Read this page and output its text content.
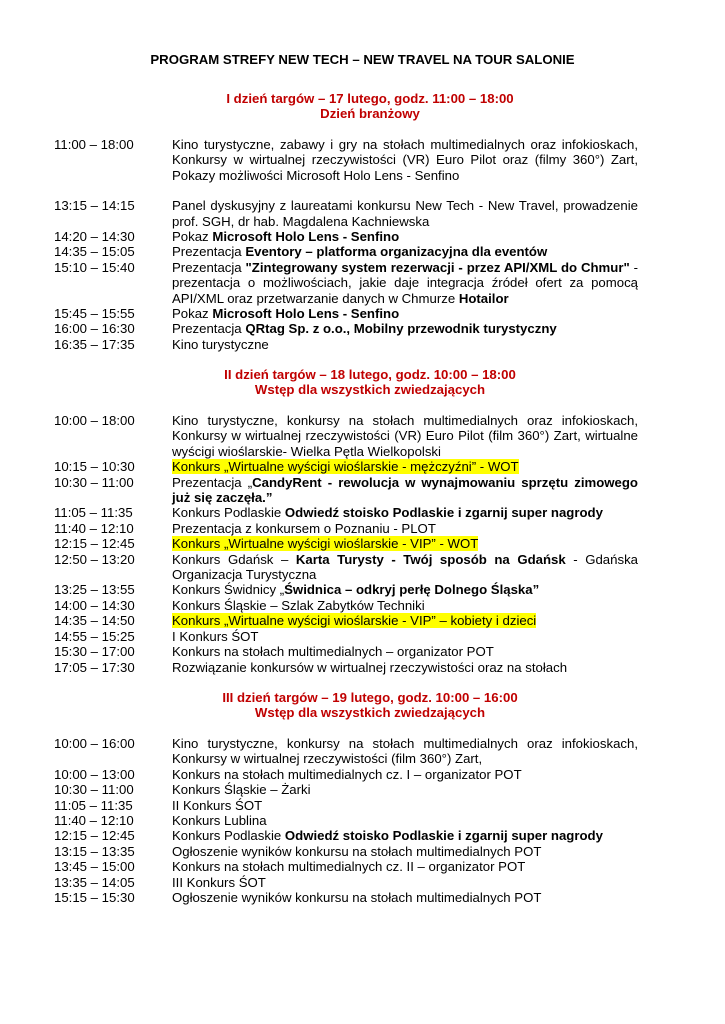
PROGRAM STREFY NEW TECH – NEW TRAVEL NA TOUR SALONIE
I dzień targów – 17 lutego, godz. 11:00 – 18:00
Dzień branżowy
11:00 – 18:00	Kino turystyczne, zabawy i gry na stołach multimedialnych oraz infokioskach, Konkursy w wirtualnej rzeczywistości (VR) Euro Pilot oraz (filmy 360°) Zart, Pokazy możliwości Microsoft Holo Lens - Senfino
13:15 – 14:15	Panel dyskusyjny z laureatami konkursu New Tech - New Travel, prowadzenie prof. SGH, dr hab. Magdalena Kachniewska
14:20 – 14:30	Pokaz Microsoft Holo Lens - Senfino
14:35 – 15:05	Prezentacja Eventory – platforma organizacyjna dla eventów
15:10 – 15:40	Prezentacja "Zintegrowany system rezerwacji - przez API/XML do Chmur" - prezentacja o możliwościach, jakie daje integracja źródeł ofert za pomocą API/XML oraz przetwarzanie danych w Chmurze Hotailor
15:45 – 15:55	Pokaz Microsoft Holo Lens - Senfino
16:00 – 16:30	Prezentacja QRtag Sp. z o.o., Mobilny przewodnik turystyczny
16:35 – 17:35	Kino turystyczne
II dzień targów – 18 lutego, godz. 10:00 – 18:00
Wstęp dla wszystkich zwiedzających
10:00 – 18:00	Kino turystyczne, konkursy na stołach multimedialnych oraz infokioskach, Konkursy w wirtualnej rzeczywistości (VR) Euro Pilot (film 360°) Zart, wirtualne wyścigi wioślarskie- Wielka Pętla Wielkopolski
10:15 – 10:30	Konkurs „Wirtualne wyścigi wioślarskie - mężczyźni” - WOT
10:30 – 11:00	Prezentacja „CandyRent - rewolucja w wynajmowaniu sprzętu zimowego już się zaczęła.”
11:05 – 11:35	Konkurs Podlaskie Odwiedź stoisko Podlaskie i zgarnij super nagrody
11:40 – 12:10	Prezentacja z konkursem o Poznaniu - PLOT
12:15 – 12:45	Konkurs „Wirtualne wyścigi wioślarskie - VIP” - WOT
12:50 – 13:20	Konkurs Gdańsk – Karta Turysty - Twój sposób na Gdańsk - Gdańska Organizacja Turystyczna
13:25 – 13:55	Konkurs Świdnicy „Świdnica – odkryj perłę Dolnego Śląska”
14:00 – 14:30	Konkurs Śląskie – Szlak Zabytków Techniki
14:35 – 14:50	Konkurs „Wirtualne wyścigi wioślarskie - VIP” – kobiety i dzieci
14:55 – 15:25	I Konkurs ŚOT
15:30 – 17:00	Konkurs na stołach multimedialnych – organizator POT
17:05 – 17:30	Rozwiązanie konkursów w wirtualnej rzeczywistości oraz na stołach
III dzień targów – 19 lutego, godz. 10:00 – 16:00
Wstęp dla wszystkich zwiedzających
10:00 – 16:00	Kino turystyczne, konkursy na stołach multimedialnych oraz infokioskach, Konkursy w wirtualnej rzeczywistości (film 360°) Zart,
10:00 – 13:00	Konkurs na stołach multimedialnych cz. I – organizator POT
10:30 – 11:00	Konkurs Śląskie – Żarki
11:05 – 11:35	II Konkurs ŚOT
11:40 – 12:10	Konkurs Lublina
12:15 – 12:45	Konkurs Podlaskie Odwiedź stoisko Podlaskie i zgarnij super nagrody
13:15 – 13:35	Ogłoszenie wyników konkursu na stołach multimedialnych POT
13:45 – 15:00	Konkurs na stołach multimedialnych cz. II – organizator POT
13:35 – 14:05	III Konkurs ŚOT
15:15 – 15:30	Ogłoszenie wyników konkursu na stołach multimedialnych POT
